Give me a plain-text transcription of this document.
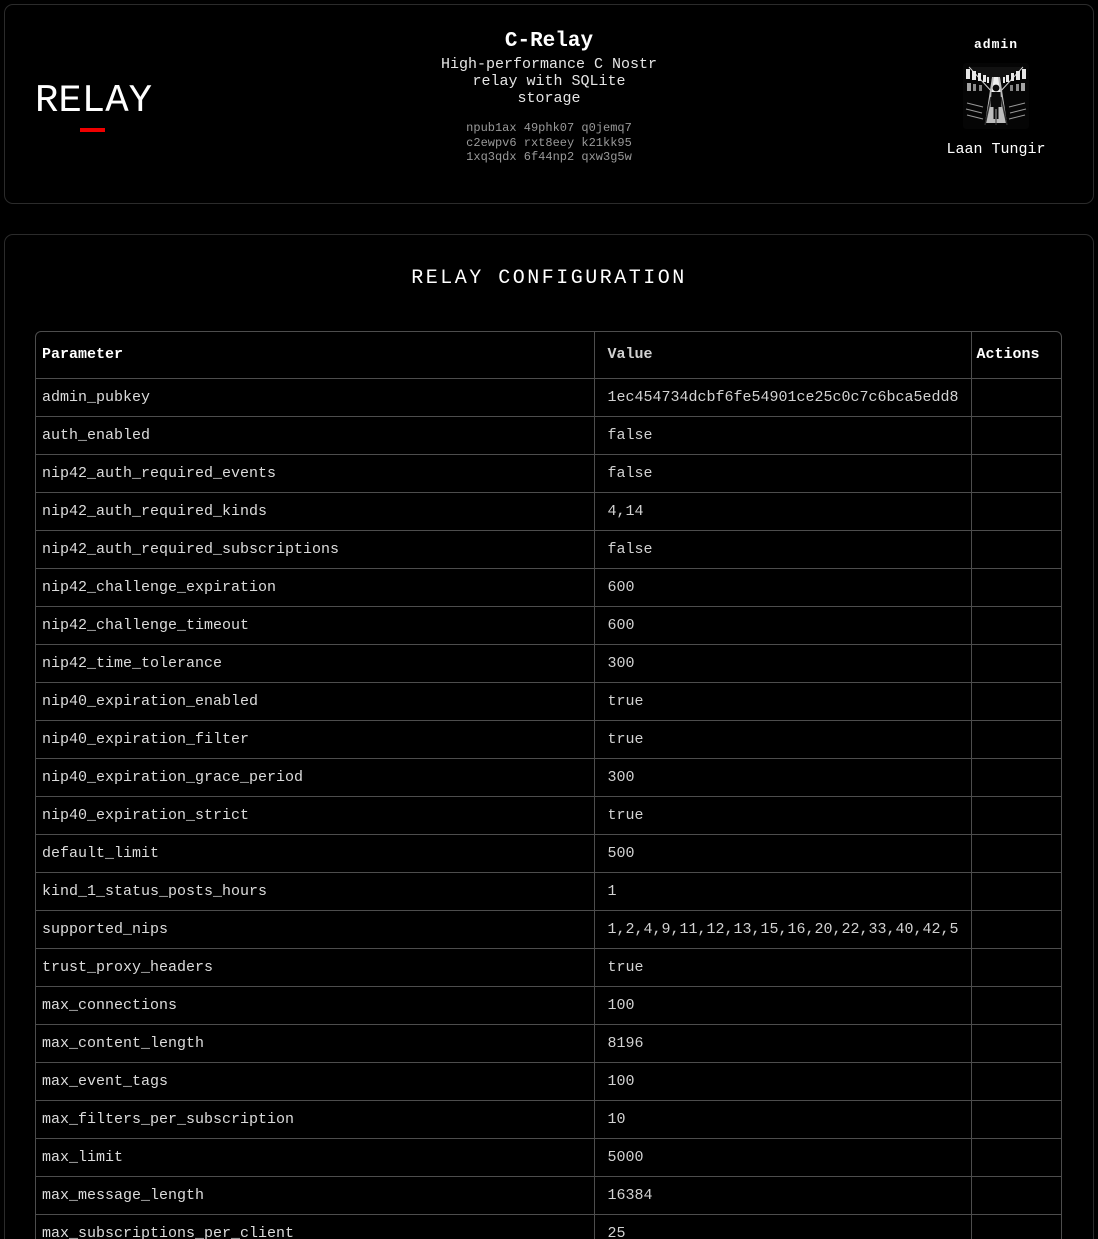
RELAY
C-Relay
High-performance C Nostr
relay with SQLite
storage
npub1ax 49phk07 q0jemq7
c2ewpv6 rxt8eey k21kk95
1xq3qdx 6f44np2 qxw3g5w
admin
Laan Tungir
RELAY CONFIGURATION
Parameter	Value	Actions
admin_pubkey	1ec454734dcbf6fe54901ce25c0c7c6bca5edd8	
auth_enabled	false	
nip42_auth_required_events	false	
nip42_auth_required_kinds	4,14	
nip42_auth_required_subscriptions	false	
nip42_challenge_expiration	600	
nip42_challenge_timeout	600	
nip42_time_tolerance	300	
nip40_expiration_enabled	true	
nip40_expiration_filter	true	
nip40_expiration_grace_period	300	
nip40_expiration_strict	true	
default_limit	500	
kind_1_status_posts_hours	1	
supported_nips	1,2,4,9,11,12,13,15,16,20,22,33,40,42,5	
trust_proxy_headers	true	
max_connections	100	
max_content_length	8196	
max_event_tags	100	
max_filters_per_subscription	10	
max_limit	5000	
max_message_length	16384	
max_subscriptions_per_client	25	
